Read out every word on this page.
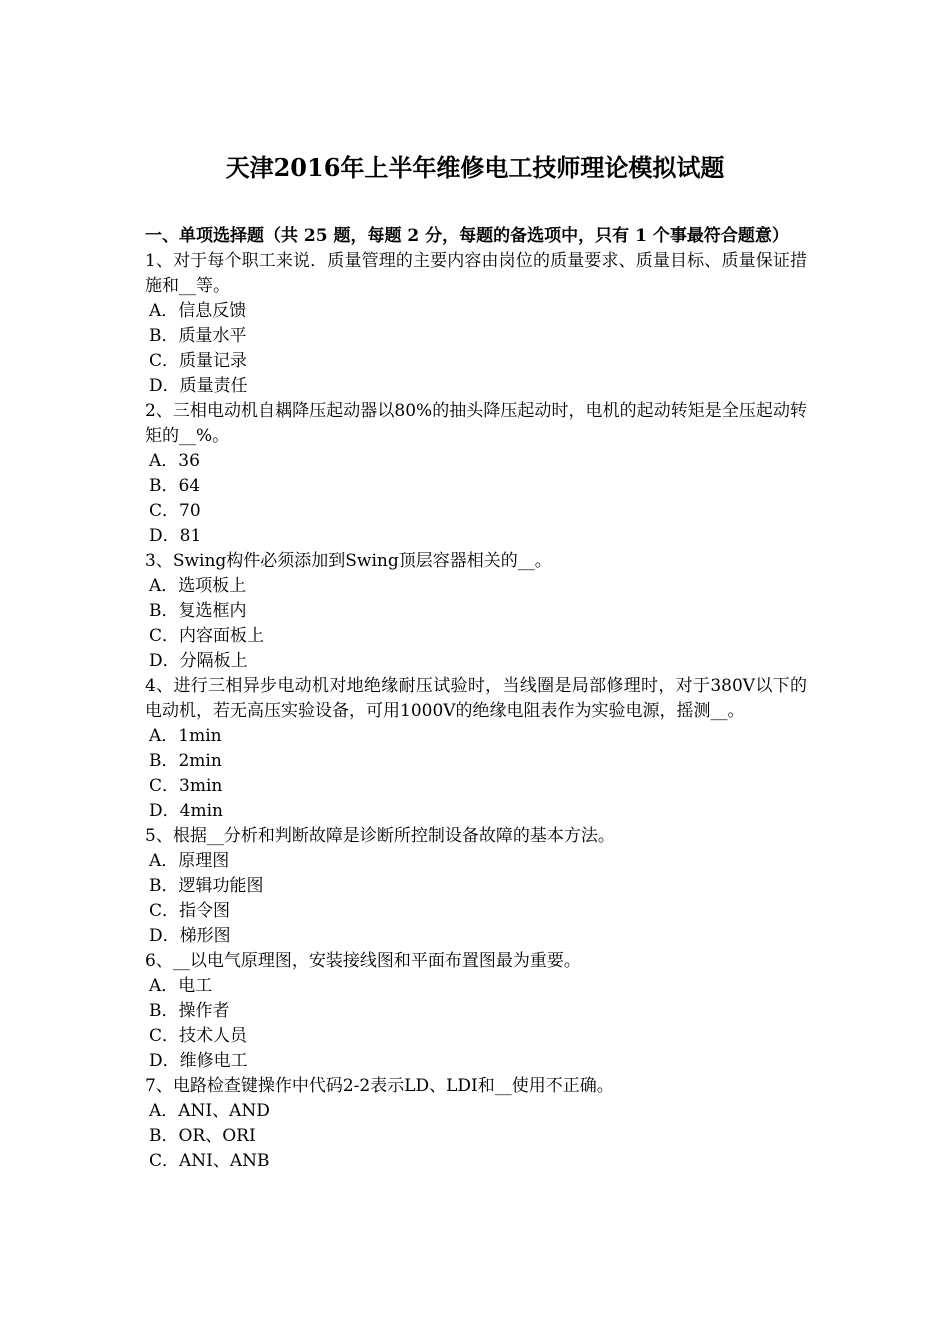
天津2016年上半年维修电工技师理论模拟试题

一、单项选择题（共 25 题，每题 2 分，每题的备选项中，只有 1 个事最符合题意）

1、对于每个职工来说．质量管理的主要内容由岗位的质量要求、质量目标、质量保证措施和__等。

A．信息反馈

B．质量水平

C．质量记录

D．质量责任

2、三相电动机自耦降压起动器以80%的抽头降压起动时，电机的起动转矩是全压起动转矩的__%。

A．36

B．64

C．70

D．81

3、Swing构件必须添加到Swing顶层容器相关的__。

A．选项板上

B．复选框内

C．内容面板上

D．分隔板上

4、进行三相异步电动机对地绝缘耐压试验时，当线圈是局部修理时，对于380V以下的电动机，若无高压实验设备，可用1000V的绝缘电阻表作为实验电源，摇测__。

A．1min

B．2min

C．3min

D．4min

5、根据__分析和判断故障是诊断所控制设备故障的基本方法。

A．原理图

B．逻辑功能图

C．指令图

D．梯形图

6、__以电气原理图，安装接线图和平面布置图最为重要。

A．电工

B．操作者

C．技术人员

D．维修电工

7、电路检查键操作中代码2-2表示LD、LDI和__使用不正确。

A．ANI、AND

B．OR、ORI

C．ANI、ANB
